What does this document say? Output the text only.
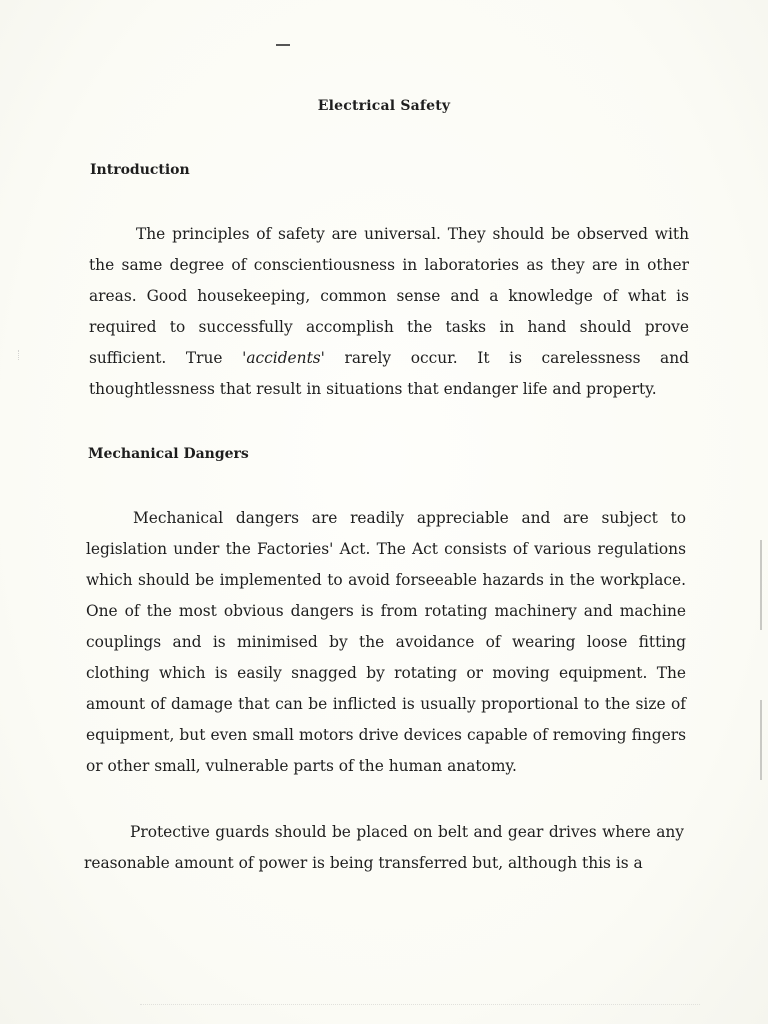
Electrical Safety
Introduction

The principles of safety are universal. They should be observed with the same degree of conscientiousness in laboratories as they are in other areas. Good housekeeping, common sense and a knowledge of what is required to successfully accomplish the tasks in hand should prove sufficient. True 'accidents' rarely occur. It is carelessness and thoughtlessness that result in situations that endanger life and property.

Mechanical Dangers

Mechanical dangers are readily appreciable and are subject to legislation under the Factories' Act. The Act consists of various regulations which should be implemented to avoid forseeable hazards in the workplace. One of the most obvious dangers is from rotating machinery and machine couplings and is minimised by the avoidance of wearing loose fitting clothing which is easily snagged by rotating or moving equipment. The amount of damage that can be inflicted is usually proportional to the size of equipment, but even small motors drive devices capable of removing fingers or other small, vulnerable parts of the human anatomy.

Protective guards should be placed on belt and gear drives where any reasonable amount of power is being transferred but, although this is a
